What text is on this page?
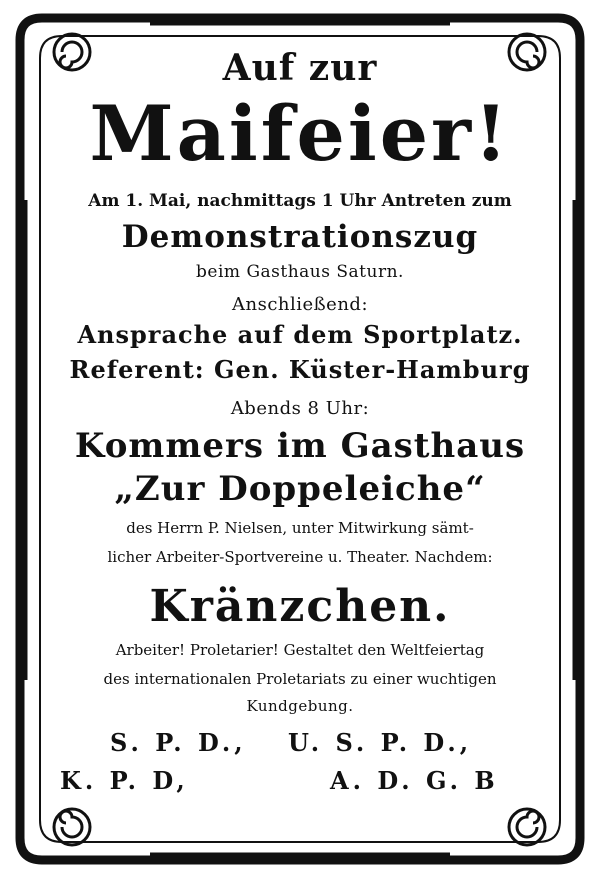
Auf zur
Maifeier!
Am 1. Mai, nachmittags 1 Uhr Antreten zum
Demonstrationszug
beim Gasthaus Saturn.
Anschließend:
Ansprache auf dem Sportplatz.
Referent: Gen. Küster-Hamburg
Abends 8 Uhr:
Kommers im Gasthaus
„Zur Doppeleiche“
des Herrn P. Nielsen, unter Mitwirkung sämt-
licher Arbeiter-Sportvereine u. Theater. Nachdem:
Kränzchen.
Arbeiter! Proletarier! Gestaltet den Weltfeiertag
des internationalen Proletariats zu einer wuchtigen
Kundgebung.
S. P. D., U. S. P. D.,
K. P. D,	A. D. G. B
